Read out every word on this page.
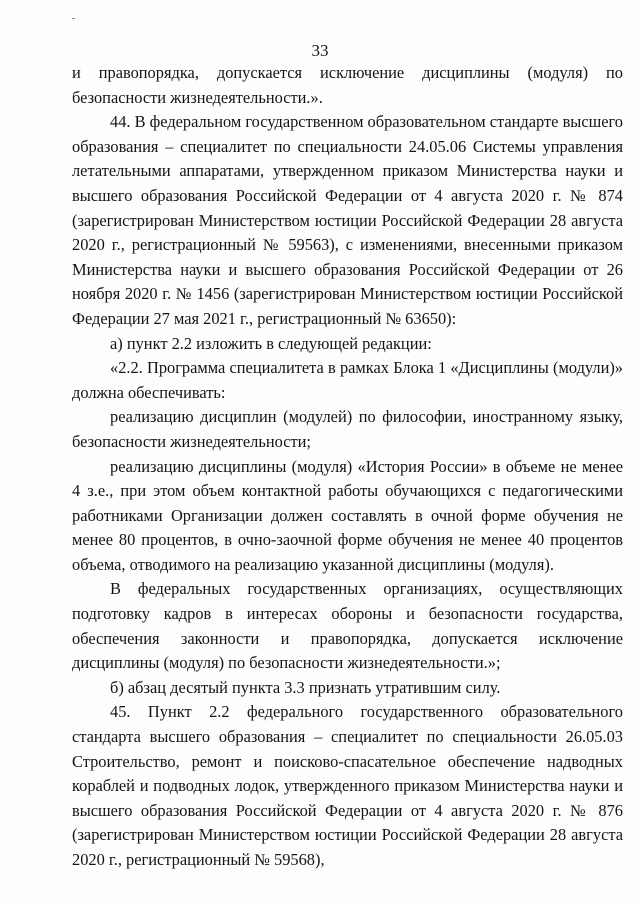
33

и правопорядка, допускается исключение дисциплины (модуля) по безопасности жизнедеятельности.».

44. В федеральном государственном образовательном стандарте высшего образования – специалитет по специальности 24.05.06 Системы управления летательными аппаратами, утвержденном приказом Министерства науки и высшего образования Российской Федерации от 4 августа 2020 г. № 874 (зарегистрирован Министерством юстиции Российской Федерации 28 августа 2020 г., регистрационный № 59563), с изменениями, внесенными приказом Министерства науки и высшего образования Российской Федерации от 26 ноября 2020 г. № 1456 (зарегистрирован Министерством юстиции Российской Федерации 27 мая 2021 г., регистрационный № 63650):

а) пункт 2.2 изложить в следующей редакции:

«2.2. Программа специалитета в рамках Блока 1 «Дисциплины (модули)» должна обеспечивать:

реализацию дисциплин (модулей) по философии, иностранному языку, безопасности жизнедеятельности;

реализацию дисциплины (модуля) «История России» в объеме не менее 4 з.е., при этом объем контактной работы обучающихся с педагогическими работниками Организации должен составлять в очной форме обучения не менее 80 процентов, в очно-заочной форме обучения не менее 40 процентов объема, отводимого на реализацию указанной дисциплины (модуля).

В федеральных государственных организациях, осуществляющих подготовку кадров в интересах обороны и безопасности государства, обеспечения законности и правопорядка, допускается исключение дисциплины (модуля) по безопасности жизнедеятельности.»;

б) абзац десятый пункта 3.3 признать утратившим силу.

45. Пункт 2.2 федерального государственного образовательного стандарта высшего образования – специалитет по специальности 26.05.03 Строительство, ремонт и поисково-спасательное обеспечение надводных кораблей и подводных лодок, утвержденного приказом Министерства науки и высшего образования Российской Федерации от 4 августа 2020 г. № 876 (зарегистрирован Министерством юстиции Российской Федерации 28 августа 2020 г., регистрационный № 59568),
